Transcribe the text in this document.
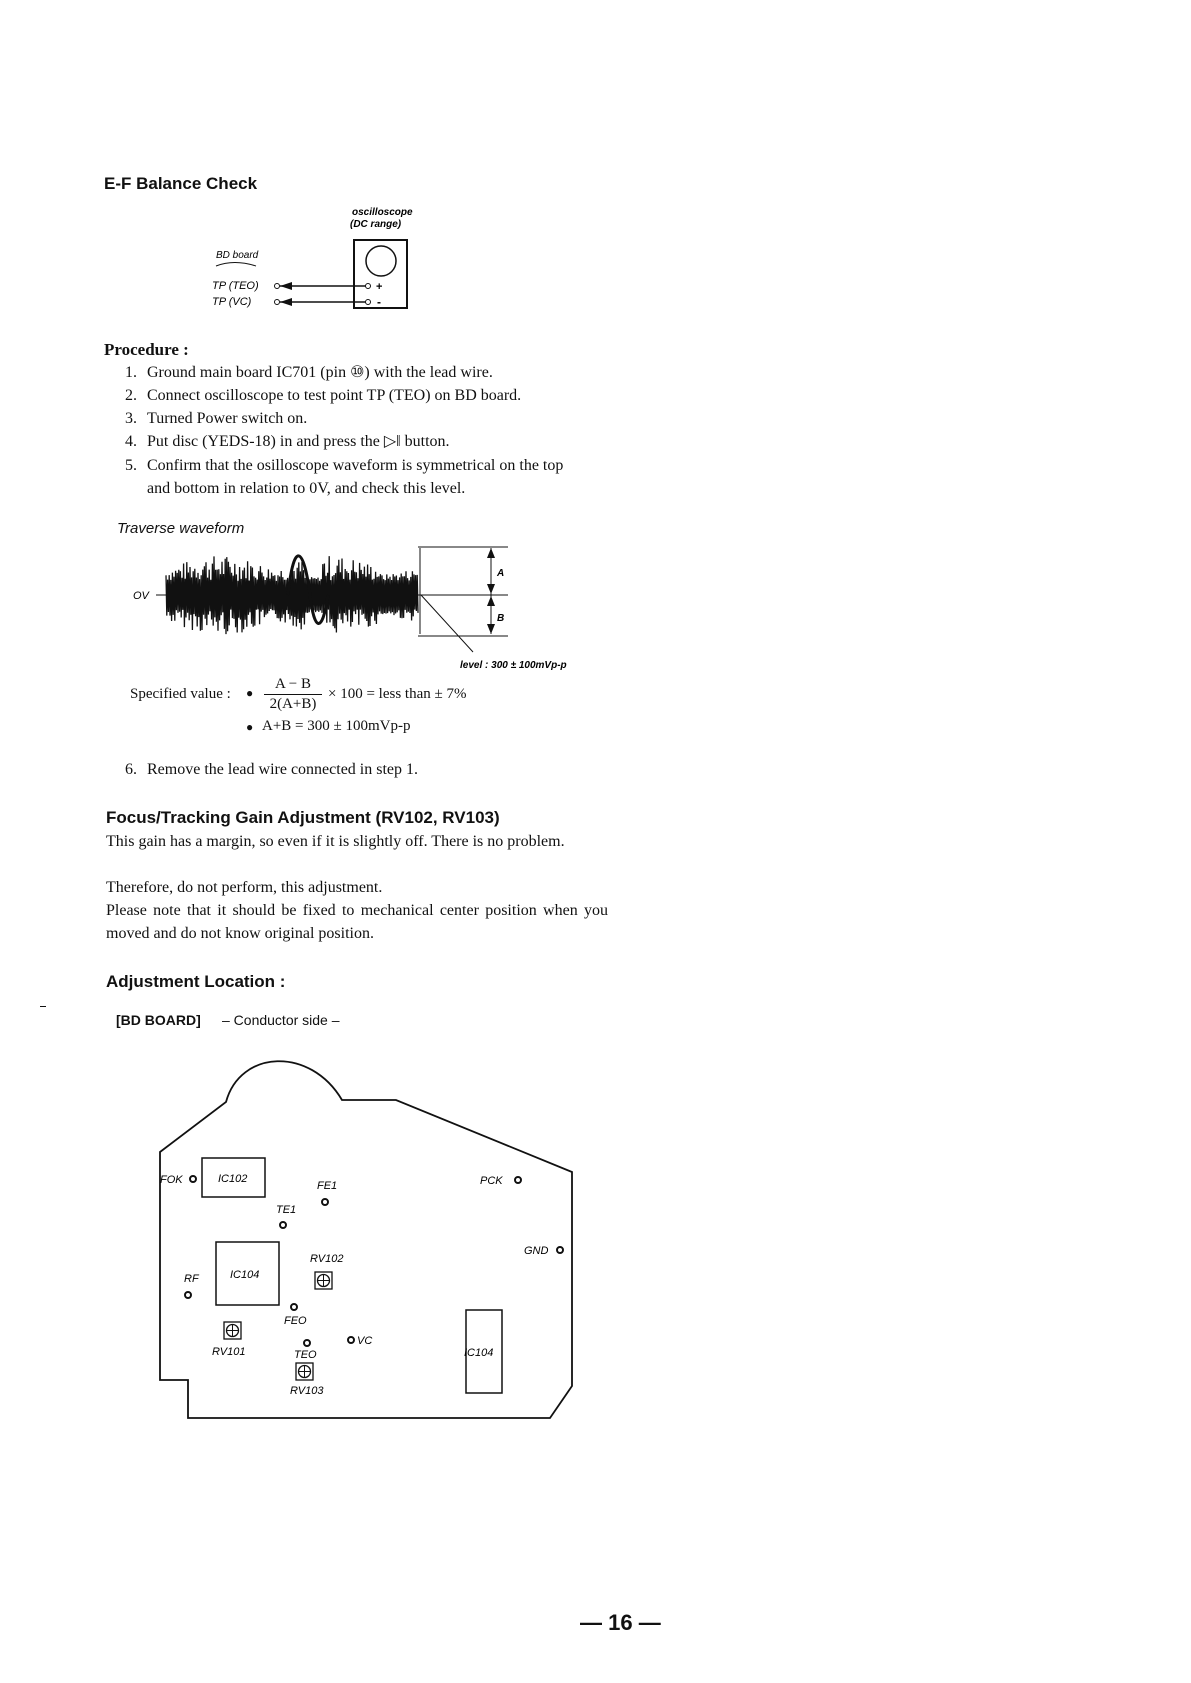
E-F Balance Check
oscilloscope
(DC range)
BD board
TP (TEO)
TP (VC)
+
-
Procedure :
1. Ground main board IC701 (pin ⑩) with the lead wire.
2. Connect oscilloscope to test point TP (TEO) on BD board.
3. Turned Power switch on.
4. Put disc (YEDS-18) in and press the ▷‖ button.
5. Confirm that the osilloscope waveform is symmetrical on the top and bottom in relation to 0V, and check this level.
Traverse waveform
OV
A
B
level : 300 ± 100mVp-p
Specified value : ●
A − B
2(A+B)
× 100 = less than ± 7%
● A+B = 300 ± 100mVp-p
6. Remove the lead wire connected in step 1.
Focus/Tracking Gain Adjustment (RV102, RV103)
This gain has a margin, so even if it is slightly off. There is no problem.
Therefore, do not perform, this adjustment.
Please note that it should be fixed to mechanical center position when you moved and do not know original position.
Adjustment Location :
[BD BOARD] – Conductor side –
IC102
FOK	FE1
TE1
PCK
GND
IC104
RF
RV102
FEO
RV101	TEO
VC
IC104
RV103
— 16 —
